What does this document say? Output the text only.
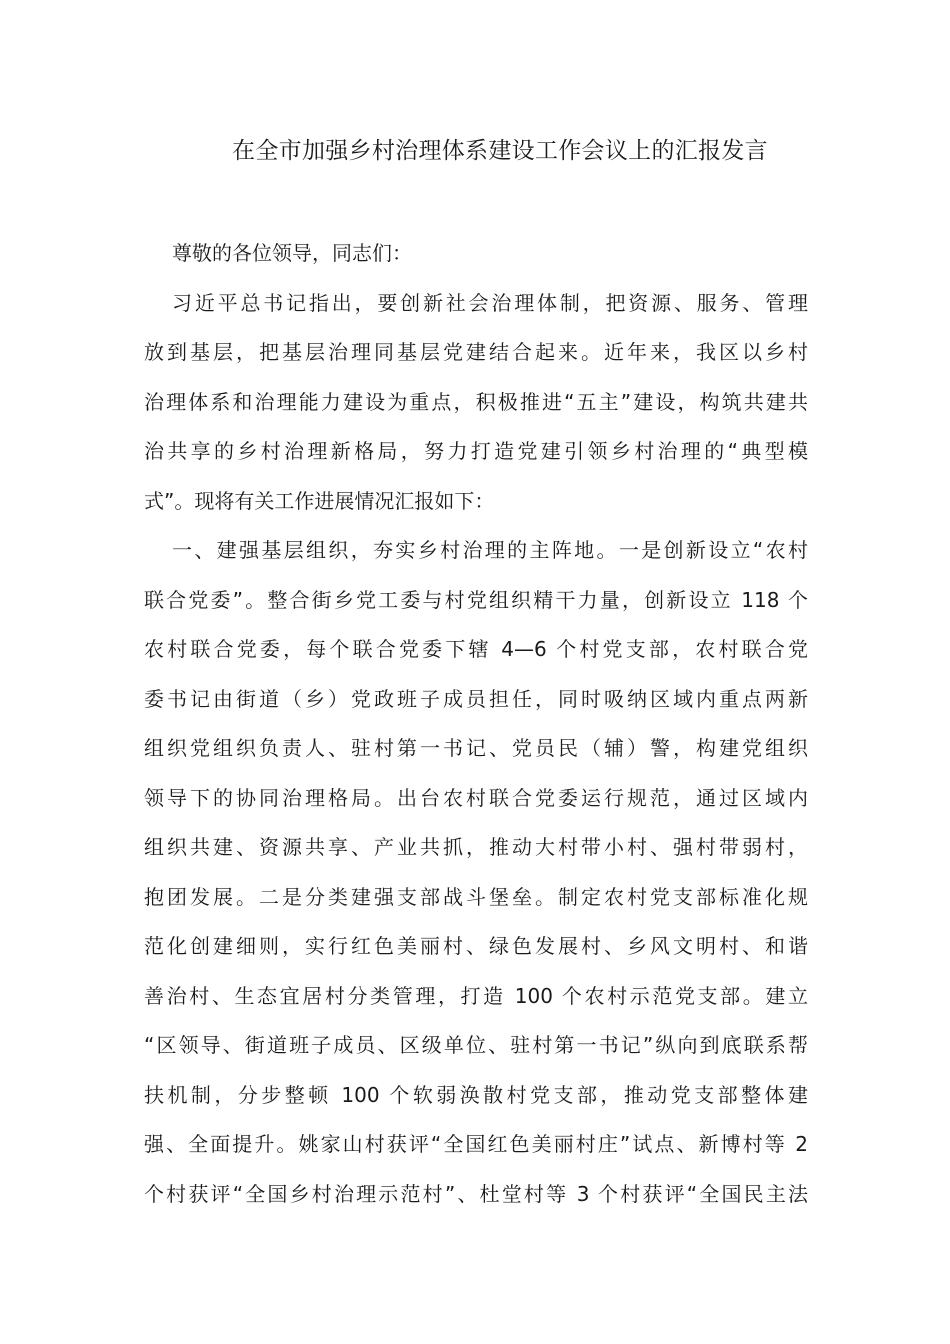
在全市加强乡村治理体系建设工作会议上的汇报发言
尊敬的各位领导，同志们：
习近平总书记指出，要创新社会治理体制，把资源、服务、管理
放到基层，把基层治理同基层党建结合起来。近年来，我区以乡村
治理体系和治理能力建设为重点，积极推进“五主”建设，构筑共建共
治共享的乡村治理新格局，努力打造党建引领乡村治理的“典型模
式”。现将有关工作进展情况汇报如下：
一、建强基层组织，夯实乡村治理的主阵地。一是创新设立“农村
联合党委”。整合街乡党工委与村党组织精干力量，创新设立 118 个
农村联合党委，每个联合党委下辖 4—6 个村党支部，农村联合党
委书记由街道（乡）党政班子成员担任，同时吸纳区域内重点两新
组织党组织负责人、驻村第一书记、党员民（辅）警，构建党组织
领导下的协同治理格局。出台农村联合党委运行规范，通过区域内
组织共建、资源共享、产业共抓，推动大村带小村、强村带弱村，
抱团发展。二是分类建强支部战斗堡垒。制定农村党支部标准化规
范化创建细则，实行红色美丽村、绿色发展村、乡风文明村、和谐
善治村、生态宜居村分类管理，打造 100 个农村示范党支部。建立
“区领导、街道班子成员、区级单位、驻村第一书记”纵向到底联系帮
扶机制，分步整顿 100 个软弱涣散村党支部，推动党支部整体建
强、全面提升。姚家山村获评“全国红色美丽村庄”试点、新博村等 2
个村获评“全国乡村治理示范村”、杜堂村等 3 个村获评“全国民主法
